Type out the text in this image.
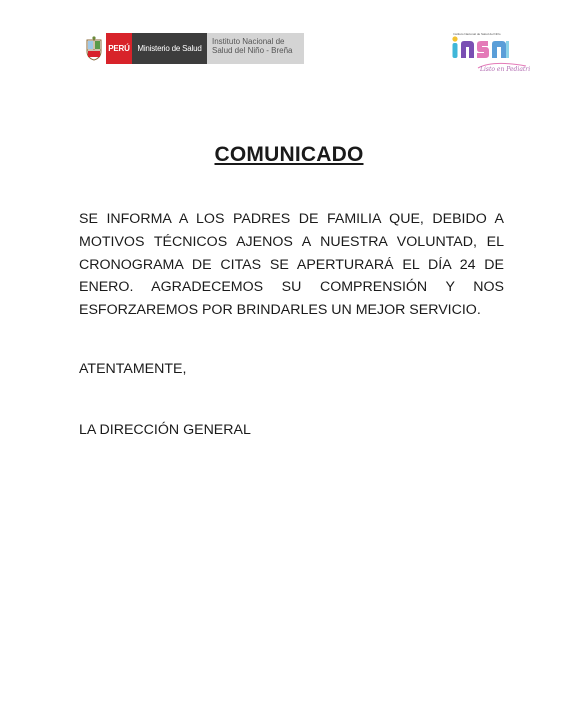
PERÚ Ministerio de Salud
Instituto Nacional de
Salud del Niño - Breña
Instituto Nacional de Salud del Niño
Listo en Pediatría
COMUNICADO

SE INFORMA A LOS PADRES DE FAMILIA QUE, DEBIDO A MOTIVOS TÉCNICOS AJENOS A NUESTRA VOLUNTAD, EL CRONOGRAMA DE CITAS SE APERTURARÁ EL DÍA 24 DE ENERO. AGRADECEMOS SU COMPRENSIÓN Y NOS ESFORZAREMOS POR BRINDARLES UN MEJOR SERVICIO.

ATENTAMENTE,

LA DIRECCIÓN GENERAL
